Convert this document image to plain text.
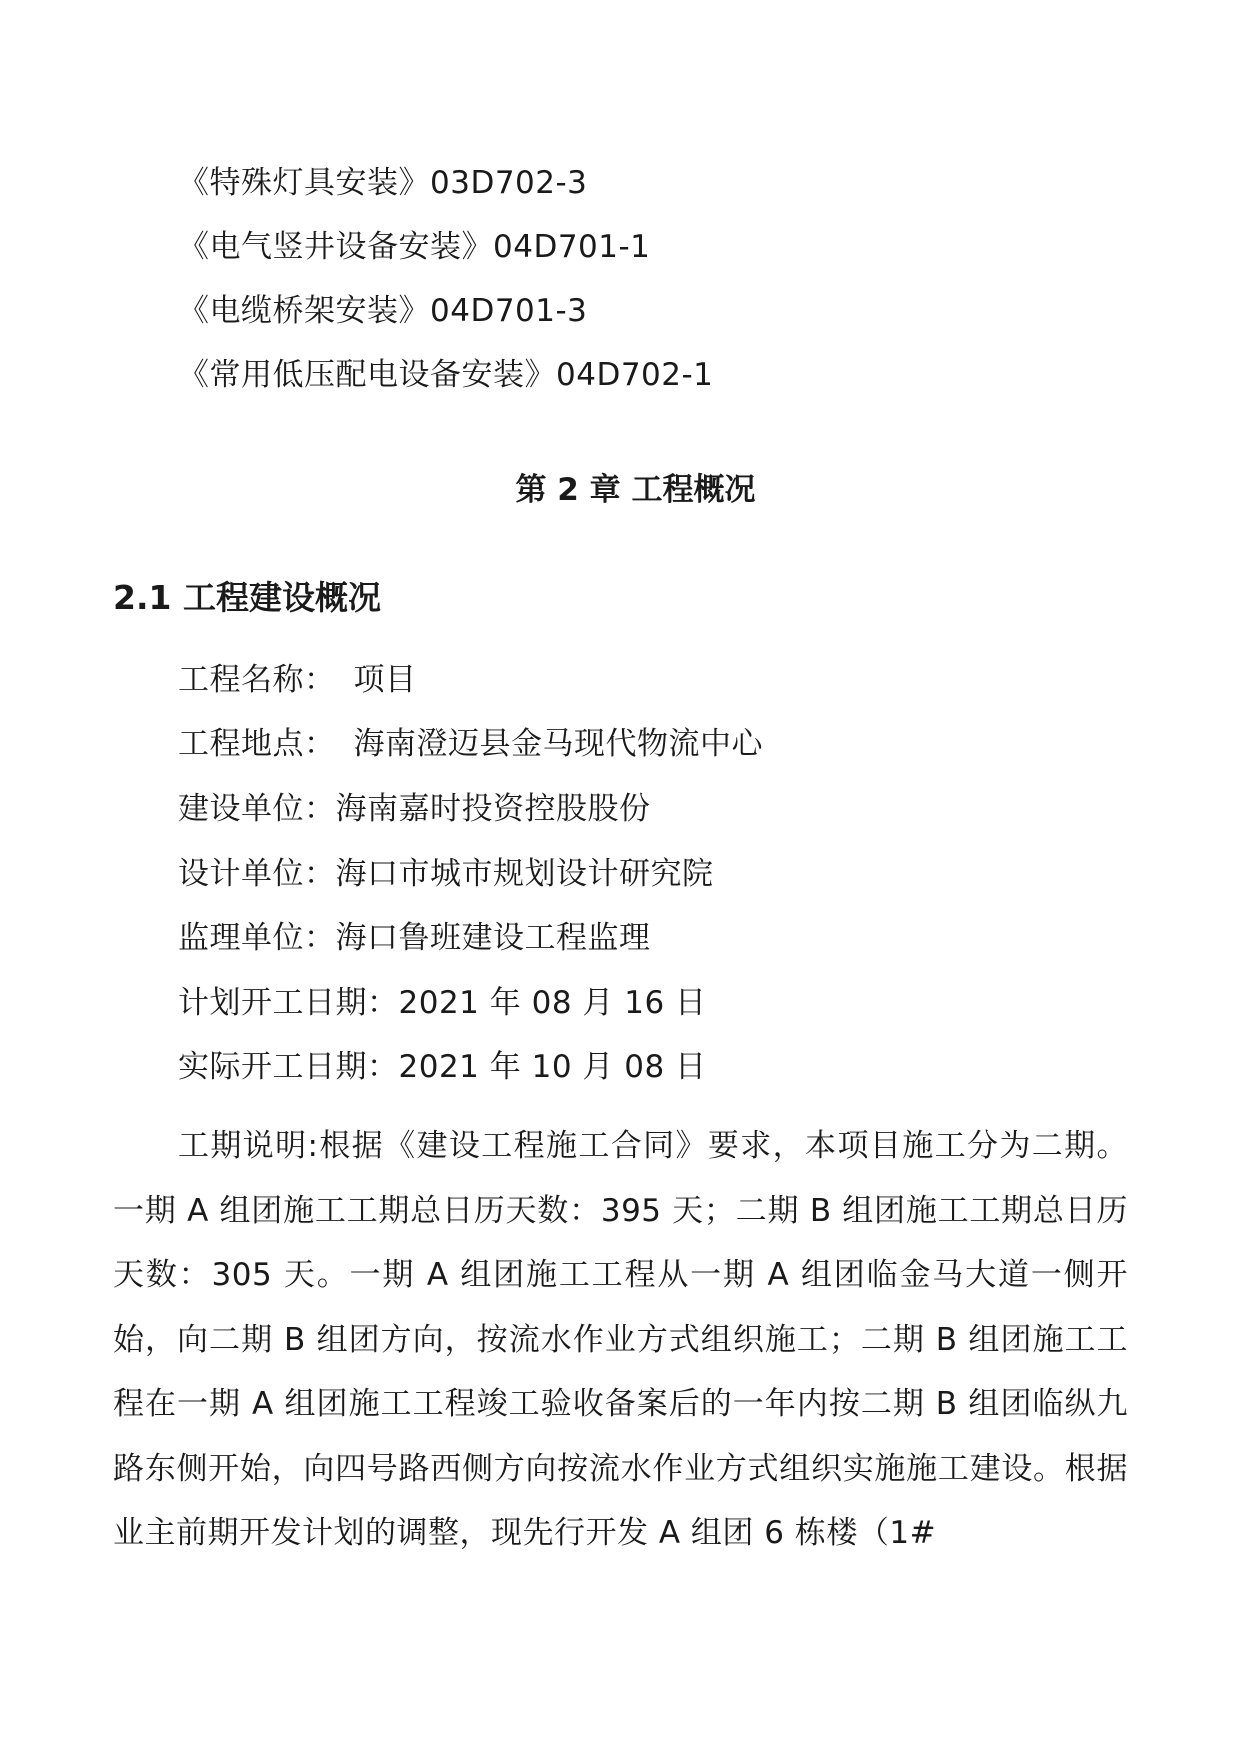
《特殊灯具安装》03D702-3
《电气竖井设备安装》04D701-1
《电缆桥架安装》04D701-3
《常用低压配电设备安装》04D702-1
第 2 章 工程概况
2.1 工程建设概况
工程名称： 项目
工程地点： 海南澄迈县金马现代物流中心
建设单位：海南嘉时投资控股股份
设计单位：海口市城市规划设计研究院
监理单位：海口鲁班建设工程监理
计划开工日期：2021 年 08 月 16 日
实际开工日期：2021 年 10 月 08 日
工期说明:根据《建设工程施工合同》要求，本项目施工分为二期。一期 A 组团施工工期总日历天数：395 天；二期 B 组团施工工期总日历天数：305 天。一期 A 组团施工工程从一期 A 组团临金马大道一侧开始，向二期 B 组团方向，按流水作业方式组织施工；二期 B 组团施工工程在一期 A 组团施工工程竣工验收备案后的一年内按二期 B 组团临纵九路东侧开始，向四号路西侧方向按流水作业方式组织实施施工建设。根据业主前期开发计划的调整，现先行开发 A 组团 6 栋楼（1#
